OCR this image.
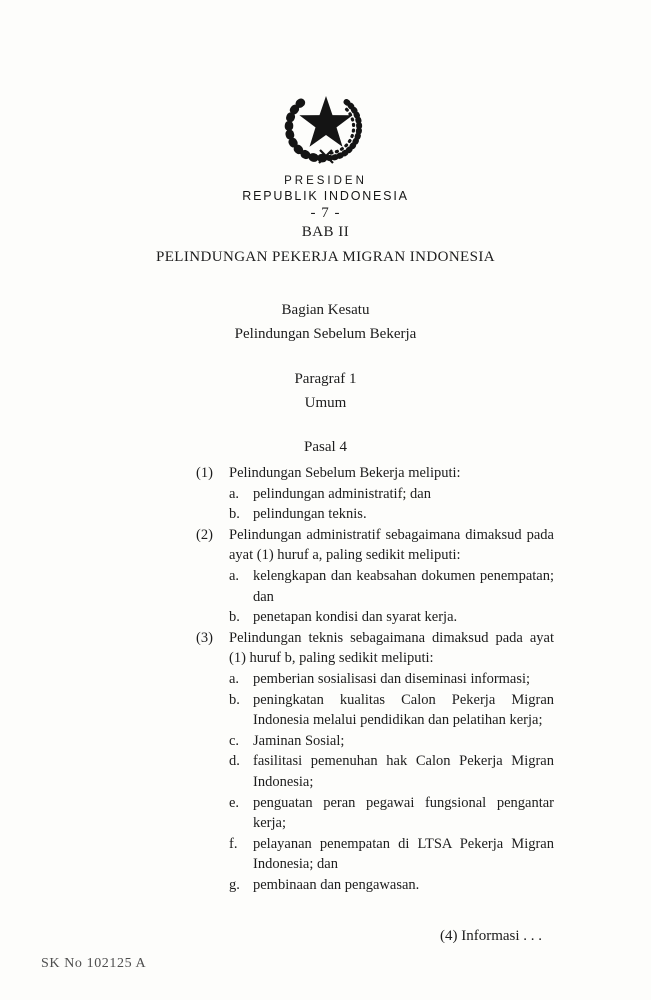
PRESIDEN
REPUBLIK INDONESIA
- 7 -
BAB II
PELINDUNGAN PEKERJA MIGRAN INDONESIA
Bagian Kesatu
Pelindungan Sebelum Bekerja
Paragraf 1
Umum
Pasal 4
(1)	Pelindungan Sebelum Bekerja meliputi:
a. pelindungan administratif; dan
b. pelindungan teknis.
(2)	Pelindungan administratif sebagaimana dimaksud pada ayat (1) huruf a, paling sedikit meliputi:
a. kelengkapan dan keabsahan dokumen penempatan; dan
b. penetapan kondisi dan syarat kerja.
(3)	Pelindungan teknis sebagaimana dimaksud pada ayat (1) huruf b, paling sedikit meliputi:
a. pemberian sosialisasi dan diseminasi informasi;
b. peningkatan kualitas Calon Pekerja Migran Indonesia melalui pendidikan dan pelatihan kerja;
c. Jaminan Sosial;
d. fasilitasi pemenuhan hak Calon Pekerja Migran Indonesia;
e. penguatan peran pegawai fungsional pengantar kerja;
f.	pelayanan penempatan di LTSA Pekerja Migran Indonesia; dan
g. pembinaan dan pengawasan.
(4) Informasi . . .
SK No 102125 A
